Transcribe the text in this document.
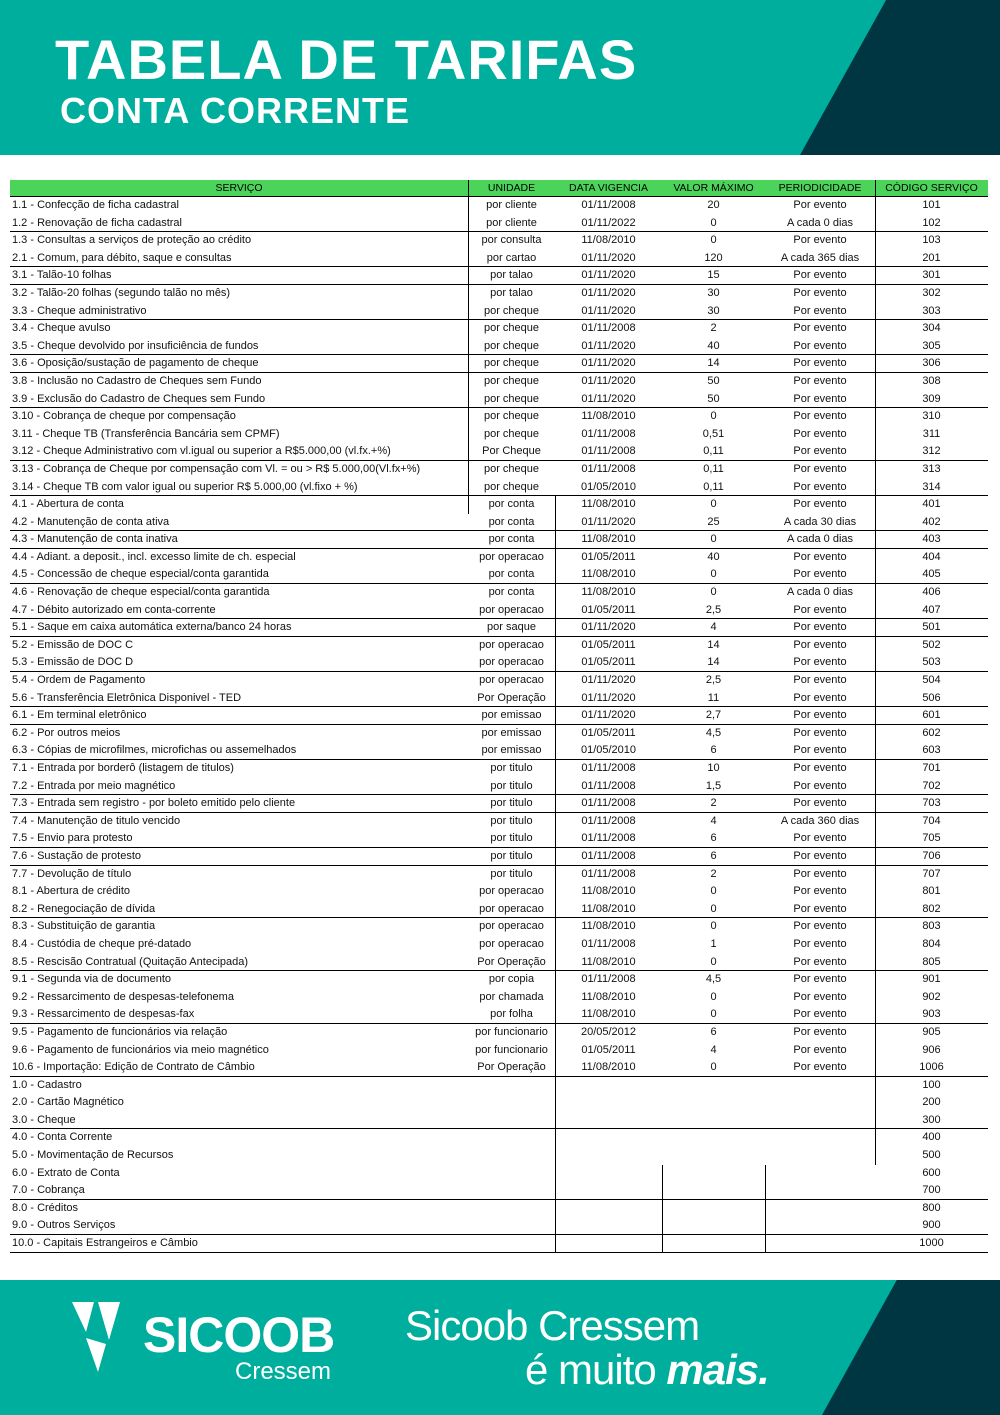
TABELA DE TARIFAS
CONTA CORRENTE
SERVIÇO	UNIDADE	DATA VIGENCIA	VALOR MÁXIMO	PERIODICIDADE	CÓDIGO SERVIÇO
1.1 - Confecção de ficha cadastral	por cliente	01/11/2008	20	Por evento	101
1.2 - Renovação de ficha cadastral	por cliente	01/11/2022	0	A cada 0 dias	102
1.3 - Consultas a serviços de proteção ao crédito	por consulta	11/08/2010	0	Por evento	103
2.1 - Comum, para débito, saque e consultas	por cartao	01/11/2020	120	A cada 365 dias	201
3.1 - Talão-10 folhas	por talao	01/11/2020	15	Por evento	301
3.2 - Talão-20 folhas (segundo talão no mês)	por talao	01/11/2020	30	Por evento	302
3.3 - Cheque administrativo	por cheque	01/11/2020	30	Por evento	303
3.4 - Cheque avulso	por cheque	01/11/2008	2	Por evento	304
3.5 - Cheque devolvido por insuficiência de fundos	por cheque	01/11/2020	40	Por evento	305
3.6 - Oposição/sustação de pagamento de cheque	por cheque	01/11/2020	14	Por evento	306
3.8 - Inclusão no Cadastro de Cheques sem Fundo	por cheque	01/11/2020	50	Por evento	308
3.9 - Exclusão do Cadastro de Cheques sem Fundo	por cheque	01/11/2020	50	Por evento	309
3.10 - Cobrança de cheque por compensação	por cheque	11/08/2010	0	Por evento	310
3.11 - Cheque TB (Transferência Bancária sem CPMF)	por cheque	01/11/2008	0,51	Por evento	311
3.12 - Cheque Administrativo com vl.igual ou superior a R$5.000,00 (vl.fx.+%)	Por Cheque	01/11/2008	0,11	Por evento	312
3.13 - Cobrança de Cheque por compensação com Vl. = ou > R$ 5.000,00(Vl.fx+%)	por cheque	01/11/2008	0,11	Por evento	313
3.14 - Cheque TB com valor igual ou superior R$ 5.000,00 (vl.fixo + %)	por cheque	01/05/2010	0,11	Por evento	314
4.1 - Abertura de conta	por conta	11/08/2010	0	Por evento	401
4.2 - Manutenção de conta ativa	por conta	01/11/2020	25	A cada 30 dias	402
4.3 - Manutenção de conta inativa	por conta	11/08/2010	0	A cada 0 dias	403
4.4 - Adiant. a deposit., incl. excesso limite de ch. especial	por operacao	01/05/2011	40	Por evento	404
4.5 - Concessão de cheque especial/conta garantida	por conta	11/08/2010	0	Por evento	405
4.6 - Renovação de cheque especial/conta garantida	por conta	11/08/2010	0	A cada 0 dias	406
4.7 - Débito autorizado em conta-corrente	por operacao	01/05/2011	2,5	Por evento	407
5.1 - Saque em caixa automática externa/banco 24 horas	por saque	01/11/2020	4	Por evento	501
5.2 - Emissão de DOC C	por operacao	01/05/2011	14	Por evento	502
5.3 - Emissão de DOC D	por operacao	01/05/2011	14	Por evento	503
5.4 - Ordem de Pagamento	por operacao	01/11/2020	2,5	Por evento	504
5.6 - Transferência Eletrônica Disponivel - TED	Por Operação	01/11/2020	11	Por evento	506
6.1 - Em terminal eletrônico	por emissao	01/11/2020	2,7	Por evento	601
6.2 - Por outros meios	por emissao	01/05/2011	4,5	Por evento	602
6.3 - Cópias de microfilmes, microfichas ou assemelhados	por emissao	01/05/2010	6	Por evento	603
7.1 - Entrada por borderô (listagem de titulos)	por titulo	01/11/2008	10	Por evento	701
7.2 - Entrada por meio magnético	por titulo	01/11/2008	1,5	Por evento	702
7.3 - Entrada sem registro - por boleto emitido pelo cliente	por titulo	01/11/2008	2	Por evento	703
7.4 - Manutenção de titulo vencido	por titulo	01/11/2008	4	A cada 360 dias	704
7.5 - Envio para protesto	por titulo	01/11/2008	6	Por evento	705
7.6 - Sustação de protesto	por titulo	01/11/2008	6	Por evento	706
7.7 - Devolução de título	por titulo	01/11/2008	2	Por evento	707
8.1 - Abertura de crédito	por operacao	11/08/2010	0	Por evento	801
8.2 - Renegociação de dívida	por operacao	11/08/2010	0	Por evento	802
8.3 - Substituição de garantia	por operacao	11/08/2010	0	Por evento	803
8.4 - Custódia de cheque pré-datado	por operacao	01/11/2008	1	Por evento	804
8.5 - Rescisão Contratual (Quitação Antecipada)	Por Operação	11/08/2010	0	Por evento	805
9.1 - Segunda via de documento	por copia	01/11/2008	4,5	Por evento	901
9.2 - Ressarcimento de despesas-telefonema	por chamada	11/08/2010	0	Por evento	902
9.3 - Ressarcimento de despesas-fax	por folha	11/08/2010	0	Por evento	903
9.5 - Pagamento de funcionários via relação	por funcionario	20/05/2012	6	Por evento	905
9.6 - Pagamento de funcionários via meio magnético	por funcionario	01/05/2011	4	Por evento	906
10.6 - Importação: Edição de Contrato de Câmbio	Por Operação	11/08/2010	0	Por evento	1006
1.0 - Cadastro	100
2.0 - Cartão Magnético	200
3.0 - Cheque	300
4.0 - Conta Corrente	400
5.0 - Movimentação de Recursos	500
6.0 - Extrato de Conta	600
7.0 - Cobrança	700
8.0 - Créditos	800
9.0 - Outros Serviços	900
10.0 - Capitais Estrangeiros e Câmbio	1000
SICOOB
Cressem
Sicoob Cressem
é muito mais.
